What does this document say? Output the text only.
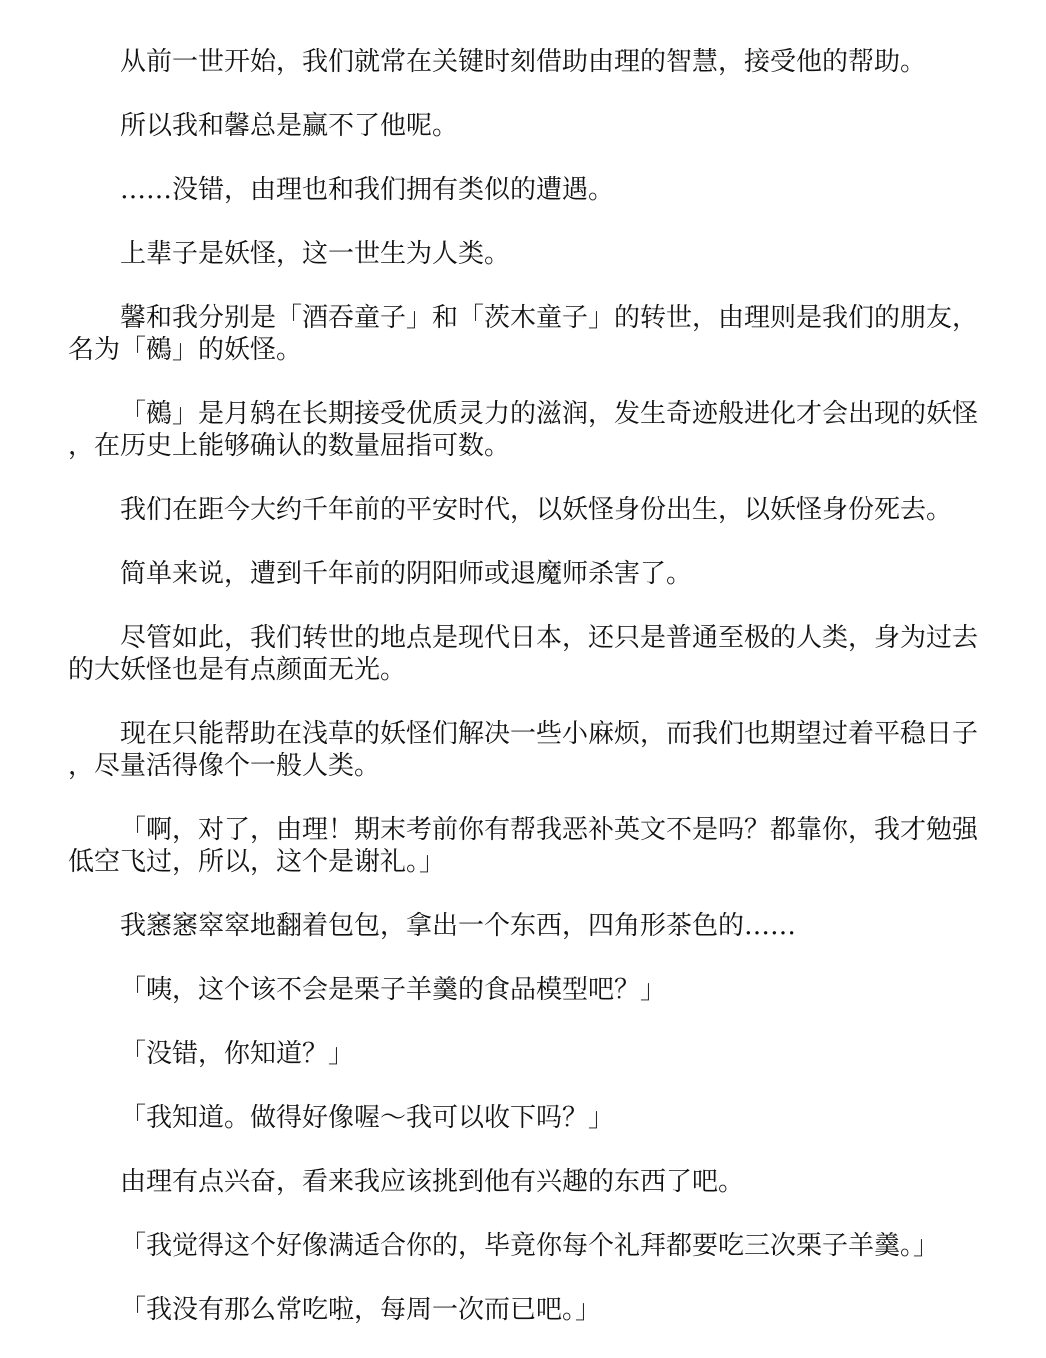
从前一世开始，我们就常在关键时刻借助由理的智慧，接受他的帮助。

所以我和馨总是赢不了他呢。

……没错，由理也和我们拥有类似的遭遇。

上辈子是妖怪，这一世生为人类。

馨和我分别是「酒吞童子」和「茨木童子」的转世，由理则是我们的朋友，名为「鵺」的妖怪。

「鵺」是月鸫在长期接受优质灵力的滋润，发生奇迹般进化才会出现的妖怪，在历史上能够确认的数量屈指可数。

我们在距今大约千年前的平安时代，以妖怪身份出生，以妖怪身份死去。

简单来说，遭到千年前的阴阳师或退魔师杀害了。

尽管如此，我们转世的地点是现代日本，还只是普通至极的人类，身为过去的大妖怪也是有点颜面无光。

现在只能帮助在浅草的妖怪们解决一些小麻烦，而我们也期望过着平稳日子，尽量活得像个一般人类。

「啊，对了，由理！期末考前你有帮我恶补英文不是吗？都靠你，我才勉强低空飞过，所以，这个是谢礼。」

我窸窸窣窣地翻着包包，拿出一个东西，四角形茶色的……

「咦，这个该不会是栗子羊羹的食品模型吧？」

「没错，你知道？」

「我知道。做得好像喔～我可以收下吗？」

由理有点兴奋，看来我应该挑到他有兴趣的东西了吧。

「我觉得这个好像满适合你的，毕竟你每个礼拜都要吃三次栗子羊羹。」

「我没有那么常吃啦，每周一次而已吧。」
